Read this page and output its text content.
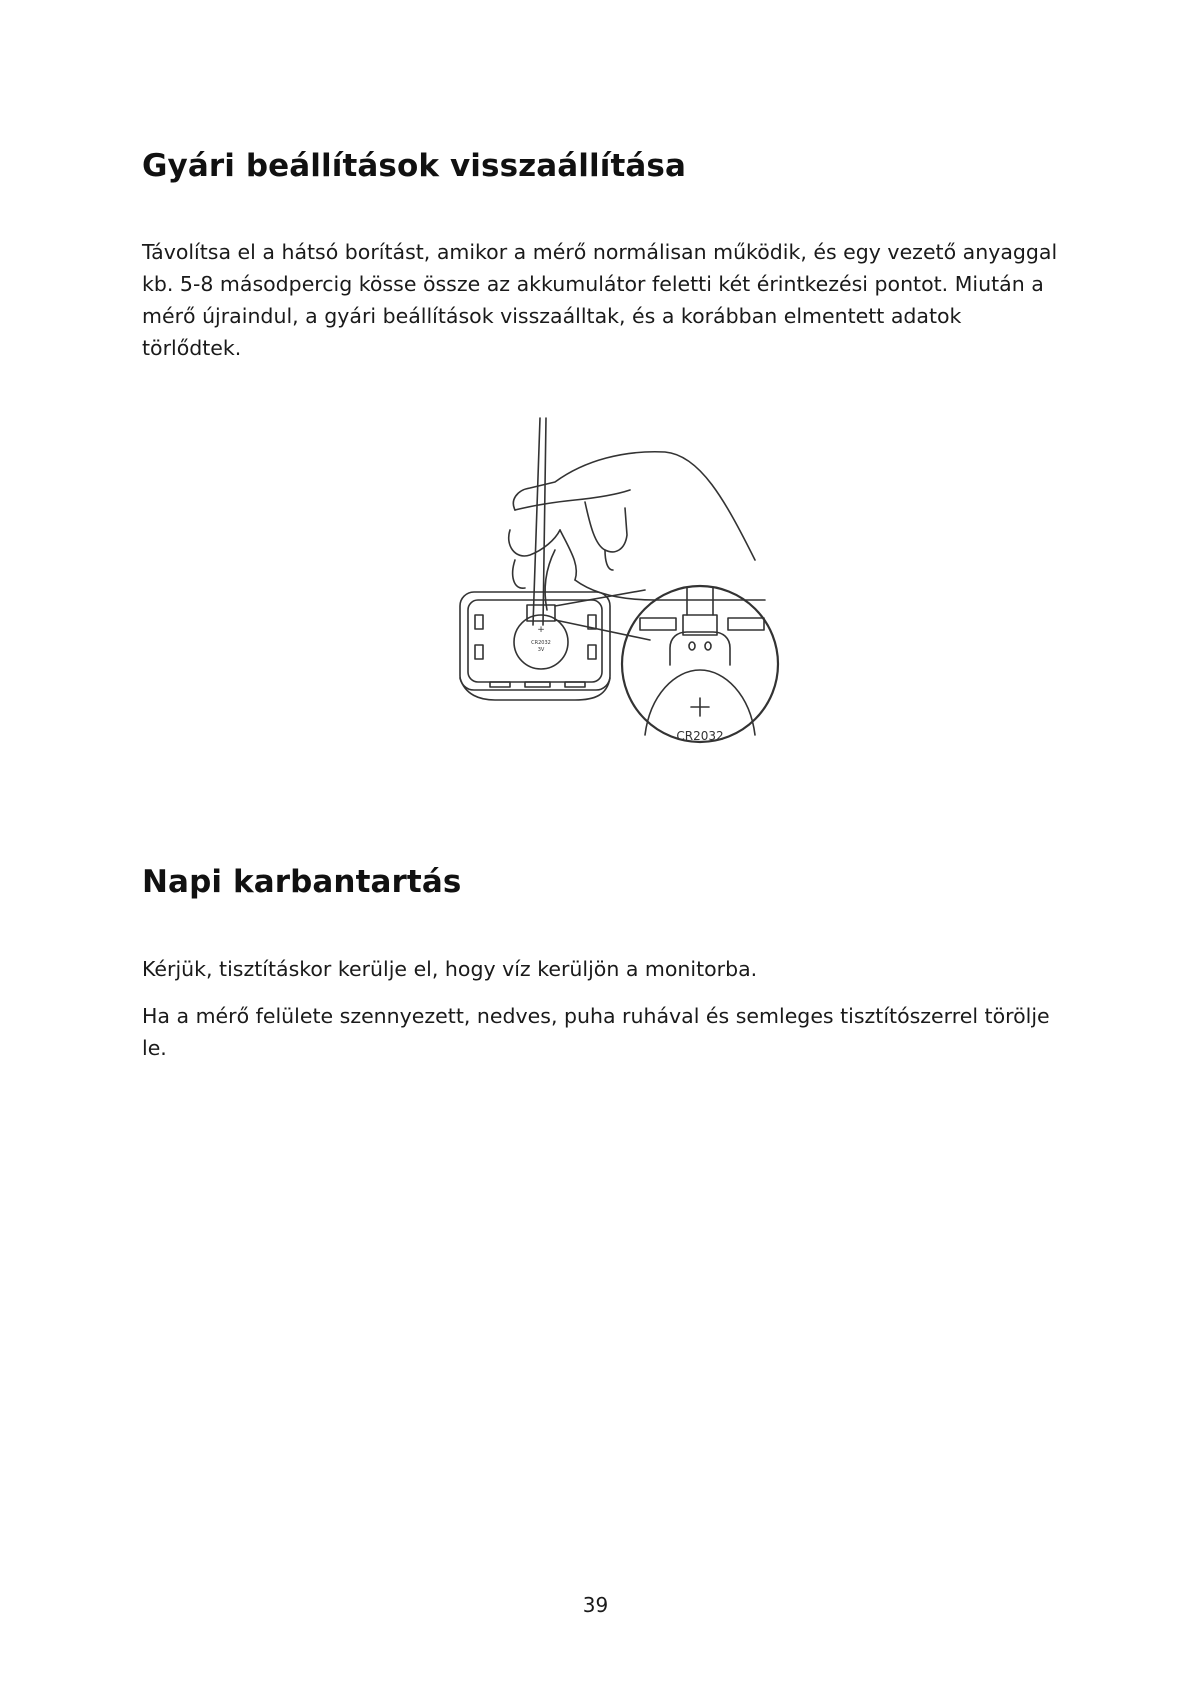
Gyári beállítások visszaállítása

Távolítsa el a hátsó borítást, amikor a mérő normálisan működik, és egy vezető anyaggal kb. 5-8 másodpercig kösse össze az akkumulátor feletti két érintkezési pontot. Miután a mérő újraindul, a gyári beállítások visszaálltak, és a korábban elmentett adatok törlődtek.

+
CR2032
3V
CR2032
Napi karbantartás

Kérjük, tisztításkor kerülje el, hogy víz kerüljön a monitorba.

Ha a mérő felülete szennyezett, nedves, puha ruhával és semleges tisztítószerrel törölje le.

39
